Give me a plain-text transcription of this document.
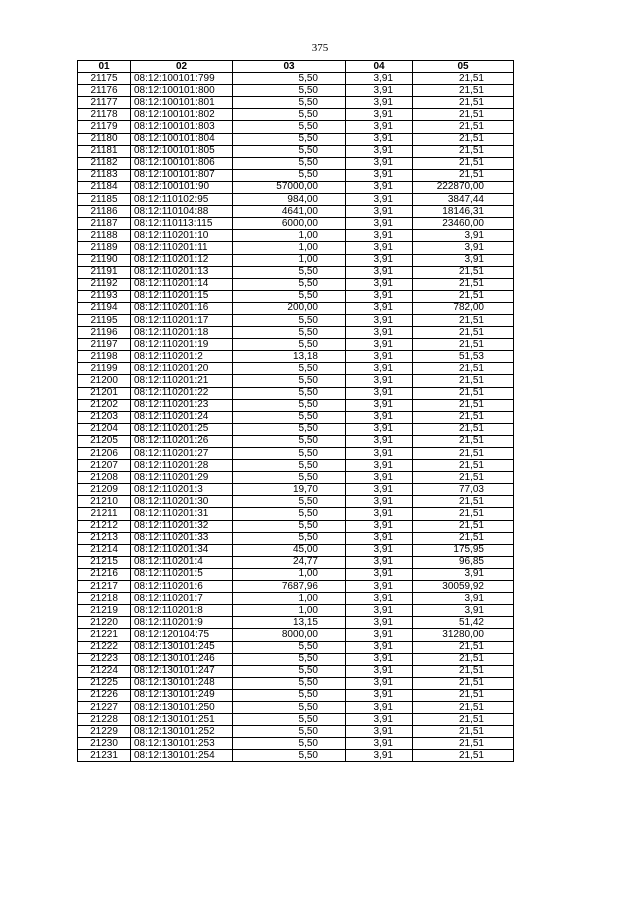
375
01	02	03	04	05
21175	08:12:100101:799	5,50	3,91	21,51
21176	08:12:100101:800	5,50	3,91	21,51
21177	08:12:100101:801	5,50	3,91	21,51
21178	08:12:100101:802	5,50	3,91	21,51
21179	08:12:100101:803	5,50	3,91	21,51
21180	08:12:100101:804	5,50	3,91	21,51
21181	08:12:100101:805	5,50	3,91	21,51
21182	08:12:100101:806	5,50	3,91	21,51
21183	08:12:100101:807	5,50	3,91	21,51
21184	08:12:100101:90	57000,00	3,91	222870,00
21185	08:12:110102:95	984,00	3,91	3847,44
21186	08:12:110104:88	4641,00	3,91	18146,31
21187	08:12:110113:115	6000,00	3,91	23460,00
21188	08:12:110201:10	1,00	3,91	3,91
21189	08:12:110201:11	1,00	3,91	3,91
21190	08:12:110201:12	1,00	3,91	3,91
21191	08:12:110201:13	5,50	3,91	21,51
21192	08:12:110201:14	5,50	3,91	21,51
21193	08:12:110201:15	5,50	3,91	21,51
21194	08:12:110201:16	200,00	3,91	782,00
21195	08:12:110201:17	5,50	3,91	21,51
21196	08:12:110201:18	5,50	3,91	21,51
21197	08:12:110201:19	5,50	3,91	21,51
21198	08:12:110201:2	13,18	3,91	51,53
21199	08:12:110201:20	5,50	3,91	21,51
21200	08:12:110201:21	5,50	3,91	21,51
21201	08:12:110201:22	5,50	3,91	21,51
21202	08:12:110201:23	5,50	3,91	21,51
21203	08:12:110201:24	5,50	3,91	21,51
21204	08:12:110201:25	5,50	3,91	21,51
21205	08:12:110201:26	5,50	3,91	21,51
21206	08:12:110201:27	5,50	3,91	21,51
21207	08:12:110201:28	5,50	3,91	21,51
21208	08:12:110201:29	5,50	3,91	21,51
21209	08:12:110201:3	19,70	3,91	77,03
21210	08:12:110201:30	5,50	3,91	21,51
21211	08:12:110201:31	5,50	3,91	21,51
21212	08:12:110201:32	5,50	3,91	21,51
21213	08:12:110201:33	5,50	3,91	21,51
21214	08:12:110201:34	45,00	3,91	175,95
21215	08:12:110201:4	24,77	3,91	96,85
21216	08:12:110201:5	1,00	3,91	3,91
21217	08:12:110201:6	7687,96	3,91	30059,92
21218	08:12:110201:7	1,00	3,91	3,91
21219	08:12:110201:8	1,00	3,91	3,91
21220	08:12:110201:9	13,15	3,91	51,42
21221	08:12:120104:75	8000,00	3,91	31280,00
21222	08:12:130101:245	5,50	3,91	21,51
21223	08:12:130101:246	5,50	3,91	21,51
21224	08:12:130101:247	5,50	3,91	21,51
21225	08:12:130101:248	5,50	3,91	21,51
21226	08:12:130101:249	5,50	3,91	21,51
21227	08:12:130101:250	5,50	3,91	21,51
21228	08:12:130101:251	5,50	3,91	21,51
21229	08:12:130101:252	5,50	3,91	21,51
21230	08:12:130101:253	5,50	3,91	21,51
21231	08:12:130101:254	5,50	3,91	21,51
